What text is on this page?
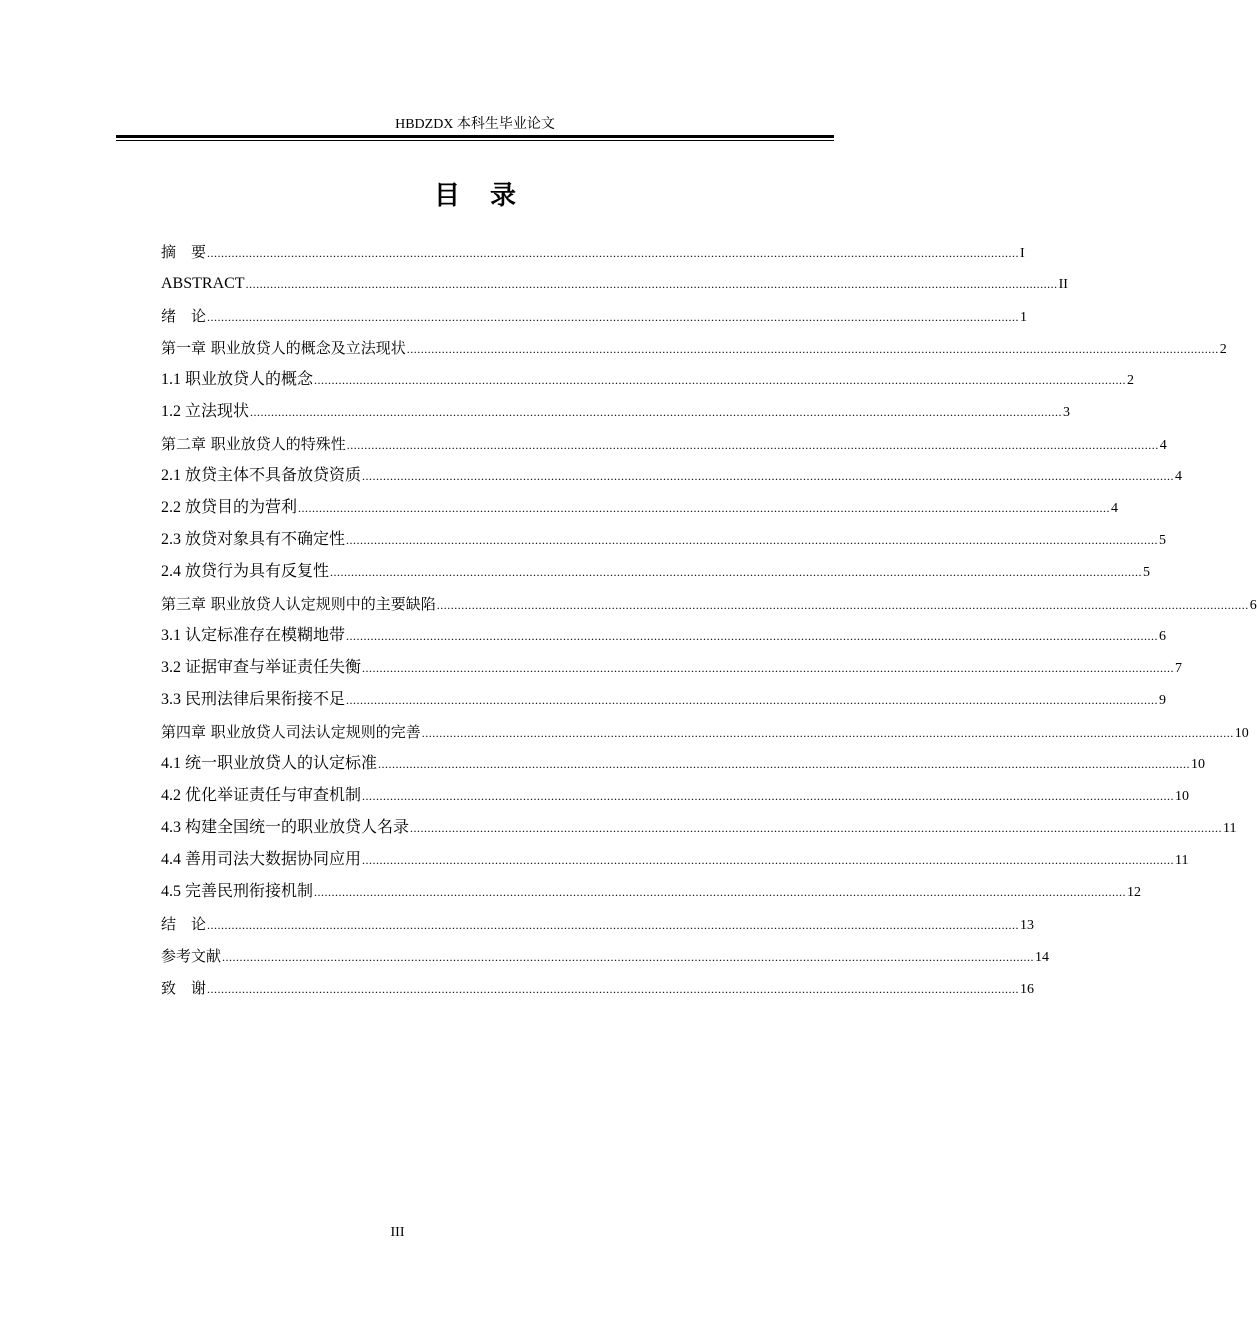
HBDZDX 本科生毕业论文
目录
摘　要 ........................................................................................................................................................................................................................................ I
ABSTRACT ........................................................................................................................................................................................................................................ II
绪　论 ........................................................................................................................................................................................................................................ 1
第一章 职业放贷人的概念及立法现状 ........................................................................................................................................................................................................................................ 2
1.1 职业放贷人的概念 ........................................................................................................................................................................................................................................ 2
1.2 立法现状 ........................................................................................................................................................................................................................................ 3
第二章 职业放贷人的特殊性 ........................................................................................................................................................................................................................................ 4
2.1 放贷主体不具备放贷资质 ........................................................................................................................................................................................................................................ 4
2.2 放贷目的为营利 ........................................................................................................................................................................................................................................ 4
2.3 放贷对象具有不确定性 ........................................................................................................................................................................................................................................ 5
2.4 放贷行为具有反复性 ........................................................................................................................................................................................................................................ 5
第三章 职业放贷人认定规则中的主要缺陷 ........................................................................................................................................................................................................................................ 6
3.1 认定标准存在模糊地带 ........................................................................................................................................................................................................................................ 6
3.2 证据审查与举证责任失衡 ........................................................................................................................................................................................................................................ 7
3.3 民刑法律后果衔接不足 ........................................................................................................................................................................................................................................ 9
第四章 职业放贷人司法认定规则的完善 ........................................................................................................................................................................................................................................ 10
4.1 统一职业放贷人的认定标准 ........................................................................................................................................................................................................................................ 10
4.2 优化举证责任与审查机制 ........................................................................................................................................................................................................................................ 10
4.3 构建全国统一的职业放贷人名录 ........................................................................................................................................................................................................................................ 11
4.4 善用司法大数据协同应用 ........................................................................................................................................................................................................................................ 11
4.5 完善民刑衔接机制 ........................................................................................................................................................................................................................................ 12
结　论 ........................................................................................................................................................................................................................................ 13
参考文献 ........................................................................................................................................................................................................................................ 14
致　谢 ........................................................................................................................................................................................................................................ 16
III
